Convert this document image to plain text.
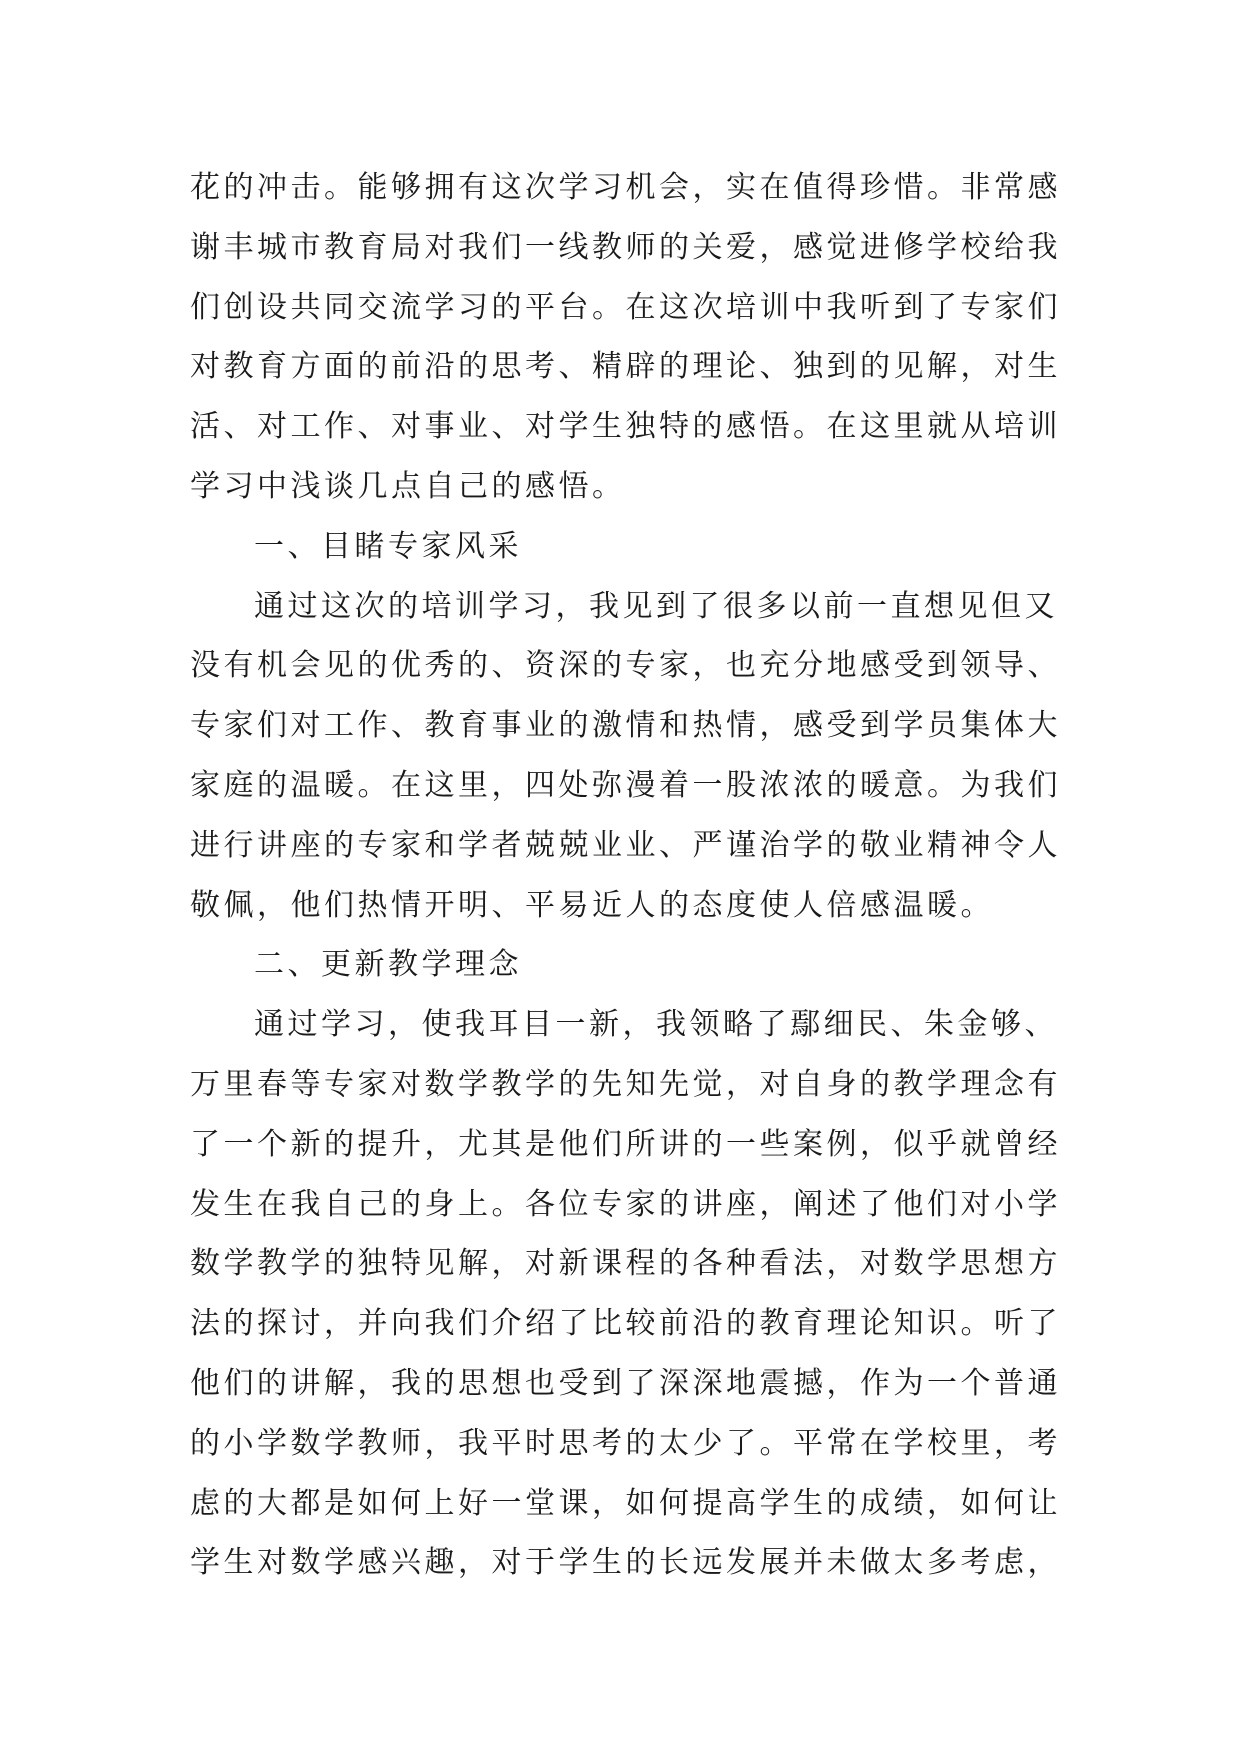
花的冲击。能够拥有这次学习机会，实在值得珍惜。非常感
谢丰城市教育局对我们一线教师的关爱，感觉进修学校给我
们创设共同交流学习的平台。在这次培训中我听到了专家们
对教育方面的前沿的思考、精辟的理论、独到的见解，对生
活、对工作、对事业、对学生独特的感悟。在这里就从培训
学习中浅谈几点自己的感悟。
一、目睹专家风采
通过这次的培训学习，我见到了很多以前一直想见但又
没有机会见的优秀的、资深的专家，也充分地感受到领导、
专家们对工作、教育事业的激情和热情，感受到学员集体大
家庭的温暖。在这里，四处弥漫着一股浓浓的暖意。为我们
进行讲座的专家和学者兢兢业业、严谨治学的敬业精神令人
敬佩，他们热情开明、平易近人的态度使人倍感温暖。
二、更新教学理念
通过学习，使我耳目一新，我领略了鄢细民、朱金够、
万里春等专家对数学教学的先知先觉，对自身的教学理念有
了一个新的提升，尤其是他们所讲的一些案例，似乎就曾经
发生在我自己的身上。各位专家的讲座，阐述了他们对小学
数学教学的独特见解，对新课程的各种看法，对数学思想方
法的探讨，并向我们介绍了比较前沿的教育理论知识。听了
他们的讲解，我的思想也受到了深深地震撼，作为一个普通
的小学数学教师，我平时思考的太少了。平常在学校里，考
虑的大都是如何上好一堂课，如何提高学生的成绩，如何让
学生对数学感兴趣，对于学生的长远发展并未做太多考虑，
